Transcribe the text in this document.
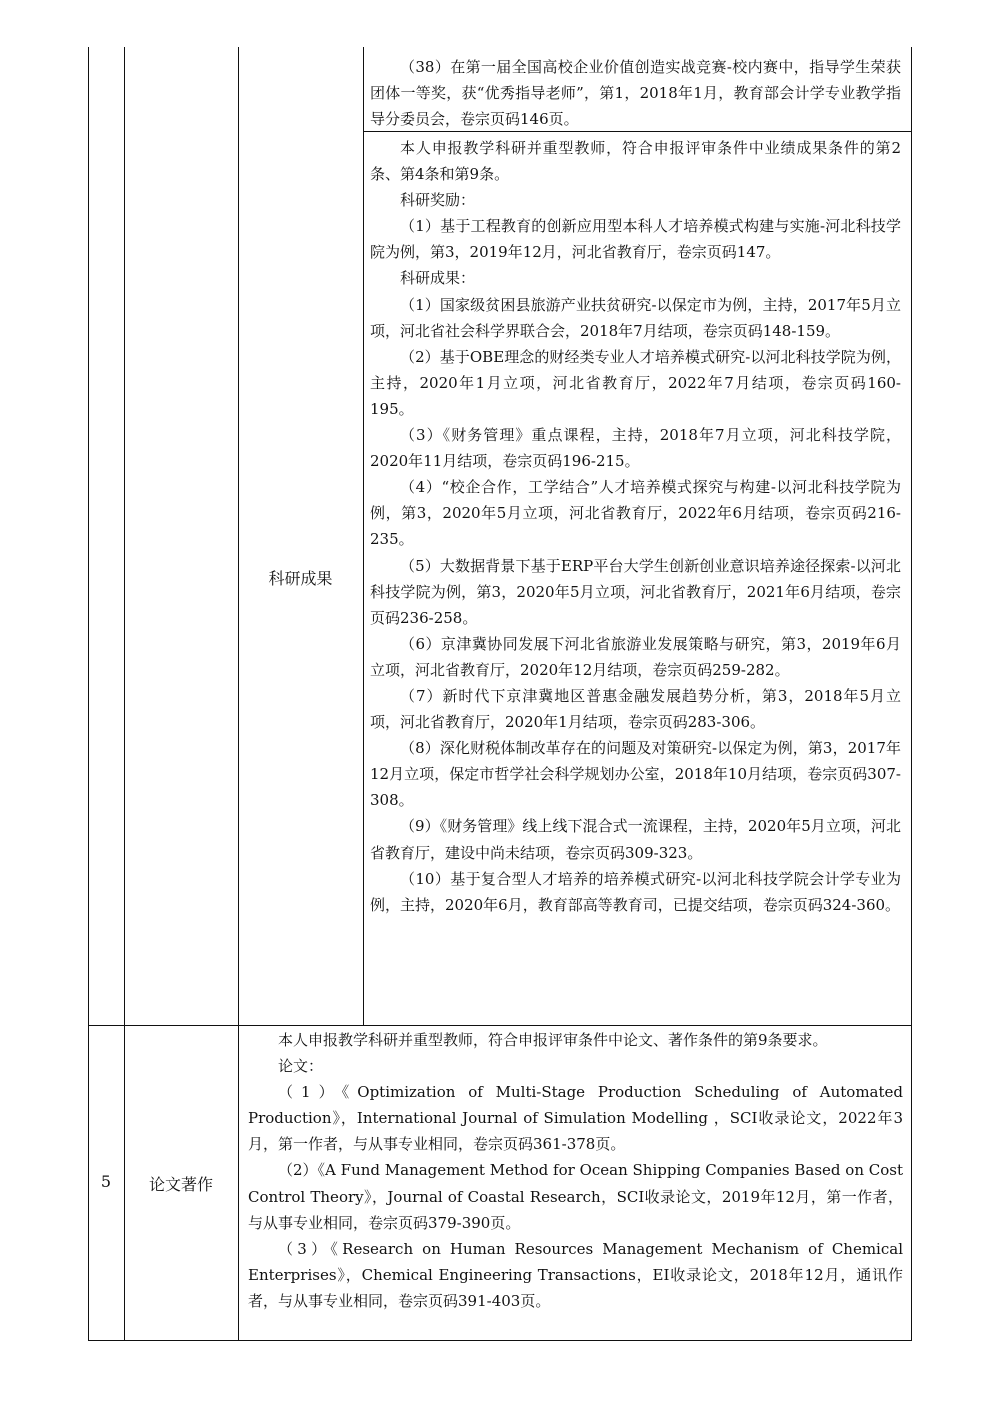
（38）在第一届全国高校企业价值创造实战竞赛-校内赛中，指导学生荣获团体一等奖，获“优秀指导老师”，第1，2018年1月，教育部会计学专业教学指导分委员会，卷宗页码146页。

科研成果

本人申报教学科研并重型教师，符合申报评审条件中业绩成果条件的第2条、第4条和第9条。

科研奖励：

（1）基于工程教育的创新应用型本科人才培养模式构建与实施-河北科技学院为例，第3，2019年12月，河北省教育厅，卷宗页码147。

科研成果：

（1）国家级贫困县旅游产业扶贫研究-以保定市为例，主持，2017年5月立项，河北省社会科学界联合会，2018年7月结项，卷宗页码148-159。

（2）基于OBE理念的财经类专业人才培养模式研究-以河北科技学院为例，主持，2020年1月立项，河北省教育厅，2022年7月结项，卷宗页码160-195。

（3）《财务管理》重点课程，主持，2018年7月立项，河北科技学院，2020年11月结项，卷宗页码196-215。

（4）“校企合作，工学结合”人才培养模式探究与构建-以河北科技学院为例，第3，2020年5月立项，河北省教育厅，2022年6月结项，卷宗页码216-235。

（5）大数据背景下基于ERP平台大学生创新创业意识培养途径探索-以河北科技学院为例，第3，2020年5月立项，河北省教育厅，2021年6月结项，卷宗页码236-258。

（6）京津冀协同发展下河北省旅游业发展策略与研究，第3，2019年6月立项，河北省教育厅，2020年12月结项，卷宗页码259-282。

（7）新时代下京津冀地区普惠金融发展趋势分析，第3，2018年5月立项，河北省教育厅，2020年1月结项，卷宗页码283-306。

（8）深化财税体制改革存在的问题及对策研究-以保定为例，第3，2017年12月立项，保定市哲学社会科学规划办公室，2018年10月结项，卷宗页码307-308。

（9）《财务管理》线上线下混合式一流课程，主持，2020年5月立项，河北省教育厅，建设中尚未结项，卷宗页码309-323。

（10）基于复合型人才培养的培养模式研究-以河北科技学院会计学专业为例，主持，2020年6月，教育部高等教育司，已提交结项，卷宗页码324-360。

5	论文著作

本人申报教学科研并重型教师，符合申报评审条件中论文、著作条件的第9条要求。

论文：

（1）《Optimization of Multi-Stage Production Scheduling of Automated Production》，International Journal of Simulation Modelling ，SCI收录论文，2022年3月，第一作者，与从事专业相同，卷宗页码361-378页。

（2）《A Fund Management Method for Ocean Shipping Companies Based on Cost Control Theory》，Journal of Coastal Research，SCI收录论文，2019年12月，第一作者，与从事专业相同，卷宗页码379-390页。

（3）《Research on Human Resources Management Mechanism of Chemical Enterprises》，Chemical Engineering Transactions，EI收录论文，2018年12月，通讯作者，与从事专业相同，卷宗页码391-403页。
